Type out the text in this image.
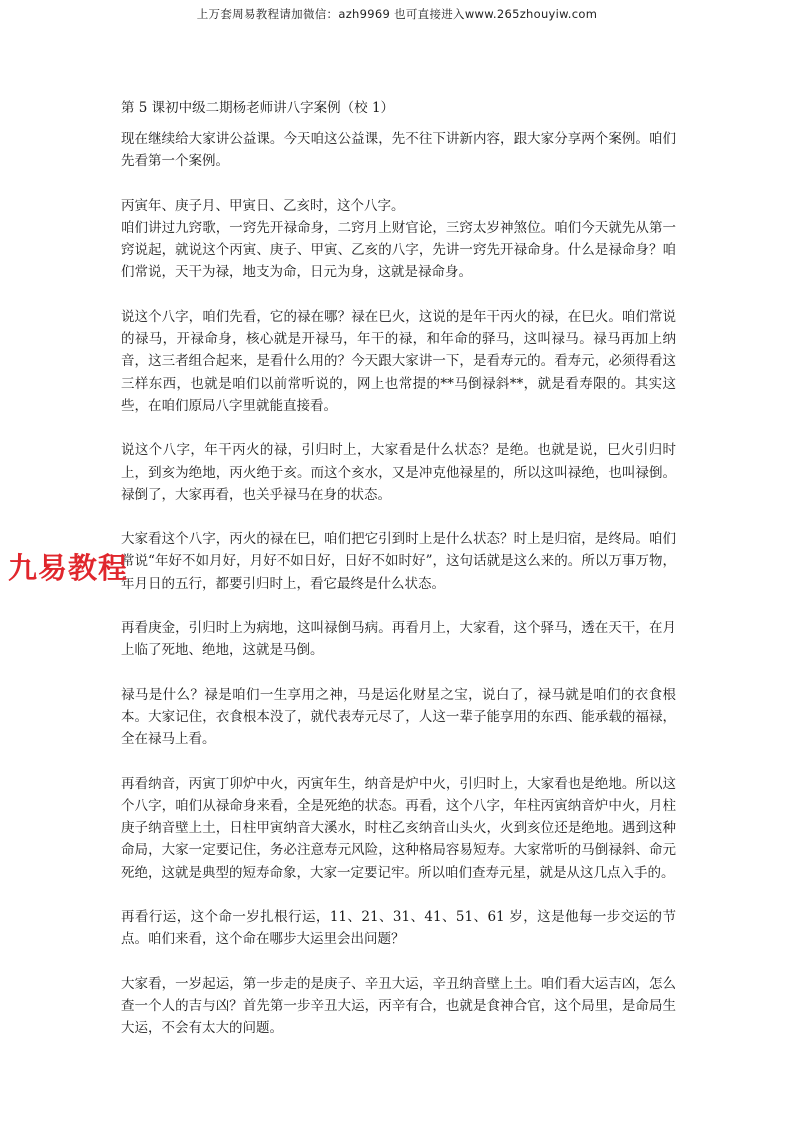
上万套周易教程请加微信：azh9969 也可直接进入www.265zhouyiw.com
第 5 课初中级二期杨老师讲八字案例（校 1）

现在继续给大家讲公益课。今天咱这公益课，先不往下讲新内容，跟大家分享两个案例。咱们先看第一个案例。

丙寅年、庚子月、甲寅日、乙亥时，这个八字。

咱们讲过九窍歌，一窍先开禄命身，二窍月上财官论，三窍太岁神煞位。咱们今天就先从第一窍说起，就说这个丙寅、庚子、甲寅、乙亥的八字，先讲一窍先开禄命身。什么是禄命身？咱们常说，天干为禄，地支为命，日元为身，这就是禄命身。

说这个八字，咱们先看，它的禄在哪？禄在巳火，这说的是年干丙火的禄，在巳火。咱们常说的禄马，开禄命身，核心就是开禄马，年干的禄，和年命的驿马，这叫禄马。禄马再加上纳音，这三者组合起来，是看什么用的？今天跟大家讲一下，是看寿元的。看寿元，必须得看这三样东西，也就是咱们以前常听说的，网上也常提的**马倒禄斜**，就是看寿限的。其实这些，在咱们原局八字里就能直接看。

说这个八字，年干丙火的禄，引归时上，大家看是什么状态？是绝。也就是说，巳火引归时上，到亥为绝地，丙火绝于亥。而这个亥水，又是冲克他禄星的，所以这叫禄绝，也叫禄倒。禄倒了，大家再看，也关乎禄马在身的状态。

大家看这个八字，丙火的禄在巳，咱们把它引到时上是什么状态？时上是归宿，是终局。咱们常说“年好不如月好，月好不如日好，日好不如时好”，这句话就是这么来的。所以万事万物，年月日的五行，都要引归时上，看它最终是什么状态。

再看庚金，引归时上为病地，这叫禄倒马病。再看月上，大家看，这个驿马，透在天干，在月上临了死地、绝地，这就是马倒。

禄马是什么？禄是咱们一生享用之神，马是运化财星之宝，说白了，禄马就是咱们的衣食根本。大家记住，衣食根本没了，就代表寿元尽了，人这一辈子能享用的东西、能承载的福禄，全在禄马上看。

再看纳音，丙寅丁卯炉中火，丙寅年生，纳音是炉中火，引归时上，大家看也是绝地。所以这个八字，咱们从禄命身来看，全是死绝的状态。再看，这个八字，年柱丙寅纳音炉中火，月柱庚子纳音壁上土，日柱甲寅纳音大溪水，时柱乙亥纳音山头火，火到亥位还是绝地。遇到这种命局，大家一定要记住，务必注意寿元风险，这种格局容易短寿。大家常听的马倒禄斜、命元死绝，这就是典型的短寿命象，大家一定要记牢。所以咱们查寿元星，就是从这几点入手的。

再看行运，这个命一岁扎根行运，11、21、31、41、51、61 岁，这是他每一步交运的节点。咱们来看，这个命在哪步大运里会出问题？

大家看，一岁起运，第一步走的是庚子、辛丑大运，辛丑纳音壁上土。咱们看大运吉凶，怎么查一个人的吉与凶？首先第一步辛丑大运，丙辛有合，也就是食神合官，这个局里，是命局生大运，不会有太大的问题。

九易教程
